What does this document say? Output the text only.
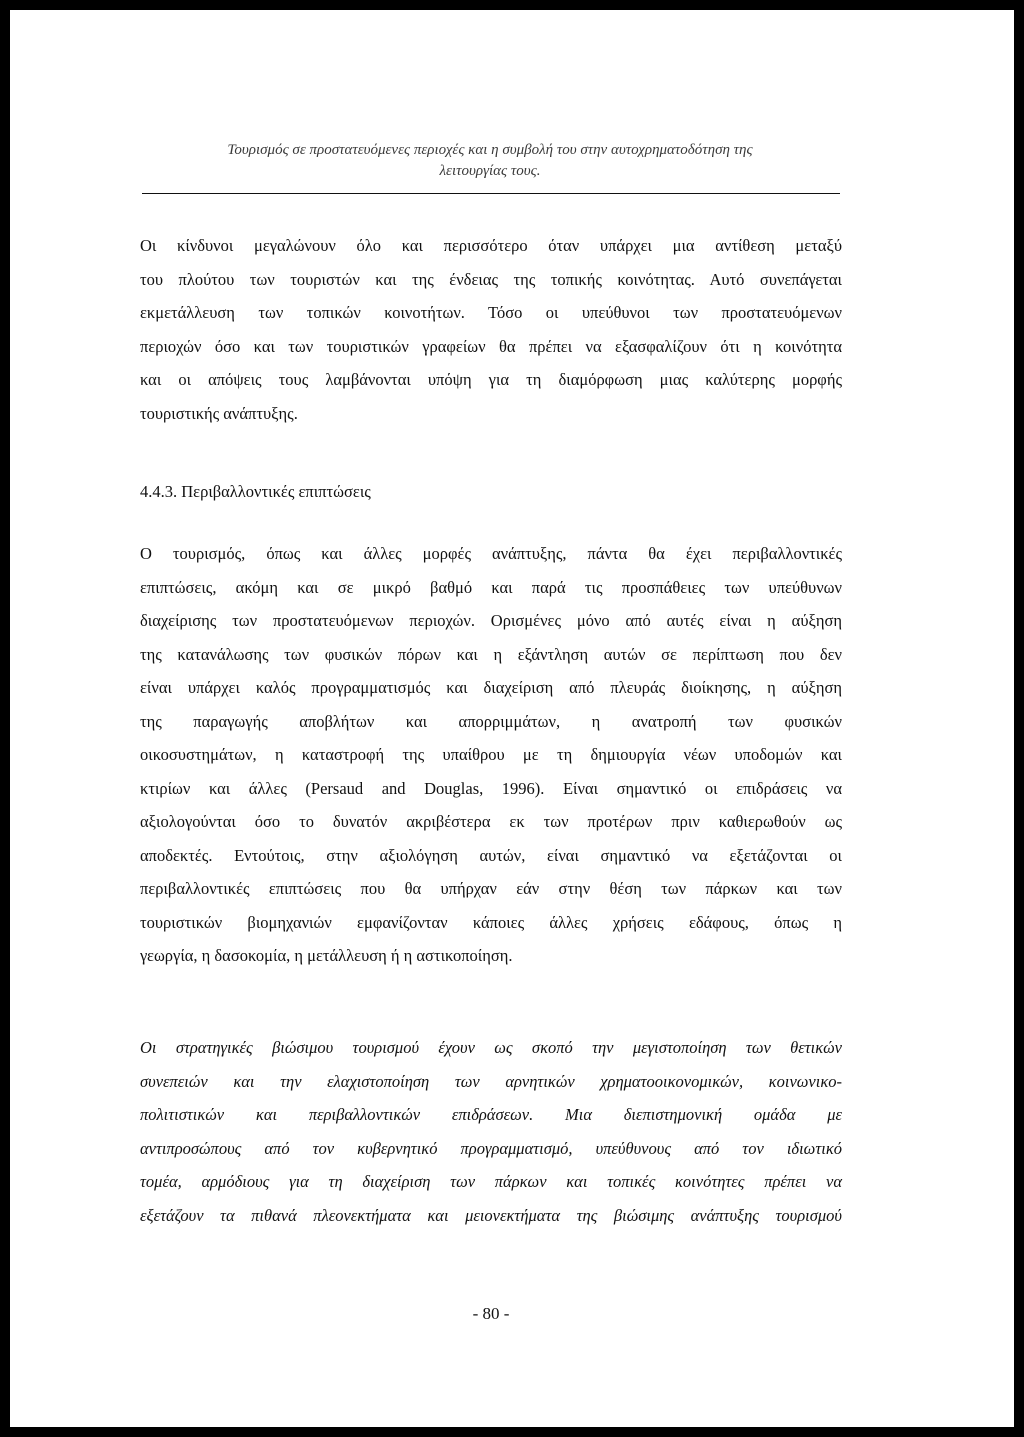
Τουρισμός σε προστατευόμενες περιοχές και η συμβολή του στην αυτοχρηματοδότηση της
λειτουργίας τους.
Οι κίνδυνοι μεγαλώνουν όλο και περισσότερο όταν υπάρχει μια αντίθεση μεταξύ
του πλούτου των τουριστών και της ένδειας της τοπικής κοινότητας. Αυτό συνεπάγεται
εκμετάλλευση των τοπικών κοινοτήτων. Τόσο οι υπεύθυνοι των προστατευόμενων
περιοχών όσο και των τουριστικών γραφείων θα πρέπει να εξασφαλίζουν ότι η κοινότητα
και οι απόψεις τους λαμβάνονται υπόψη για τη διαμόρφωση μιας καλύτερης μορφής
τουριστικής ανάπτυξης.
4.4.3. Περιβαλλοντικές επιπτώσεις
Ο τουρισμός, όπως και άλλες μορφές ανάπτυξης, πάντα θα έχει περιβαλλοντικές
επιπτώσεις, ακόμη και σε μικρό βαθμό και παρά τις προσπάθειες των υπεύθυνων
διαχείρισης των προστατευόμενων περιοχών. Ορισμένες μόνο από αυτές είναι η αύξηση
της κατανάλωσης των φυσικών πόρων και η εξάντληση αυτών σε περίπτωση που δεν
είναι υπάρχει καλός προγραμματισμός και διαχείριση από πλευράς διοίκησης, η αύξηση
της παραγωγής αποβλήτων και απορριμμάτων, η ανατροπή των φυσικών
οικοσυστημάτων, η καταστροφή της υπαίθρου με τη δημιουργία νέων υποδομών και
κτιρίων και άλλες (Persaud and Douglas, 1996). Είναι σημαντικό οι επιδράσεις να
αξιολογούνται όσο το δυνατόν ακριβέστερα εκ των προτέρων πριν καθιερωθούν ως
αποδεκτές. Εντούτοις, στην αξιολόγηση αυτών, είναι σημαντικό να εξετάζονται οι
περιβαλλοντικές επιπτώσεις που θα υπήρχαν εάν στην θέση των πάρκων και των
τουριστικών βιομηχανιών εμφανίζονταν κάποιες άλλες χρήσεις εδάφους, όπως η
γεωργία, η δασοκομία, η μετάλλευση ή η αστικοποίηση.
Οι στρατηγικές βιώσιμου τουρισμού έχουν ως σκοπό την μεγιστοποίηση των θετικών
συνεπειών και την ελαχιστοποίηση των αρνητικών χρηματοοικονομικών, κοινωνικο-
πολιτιστικών και περιβαλλοντικών επιδράσεων. Μια διεπιστημονική ομάδα με
αντιπροσώπους από τον κυβερνητικό προγραμματισμό, υπεύθυνους από τον ιδιωτικό
τομέα, αρμόδιους για τη διαχείριση των πάρκων και τοπικές κοινότητες πρέπει να
εξετάζουν τα πιθανά πλεονεκτήματα και μειονεκτήματα της βιώσιμης ανάπτυξης τουρισμού
- 80 -
